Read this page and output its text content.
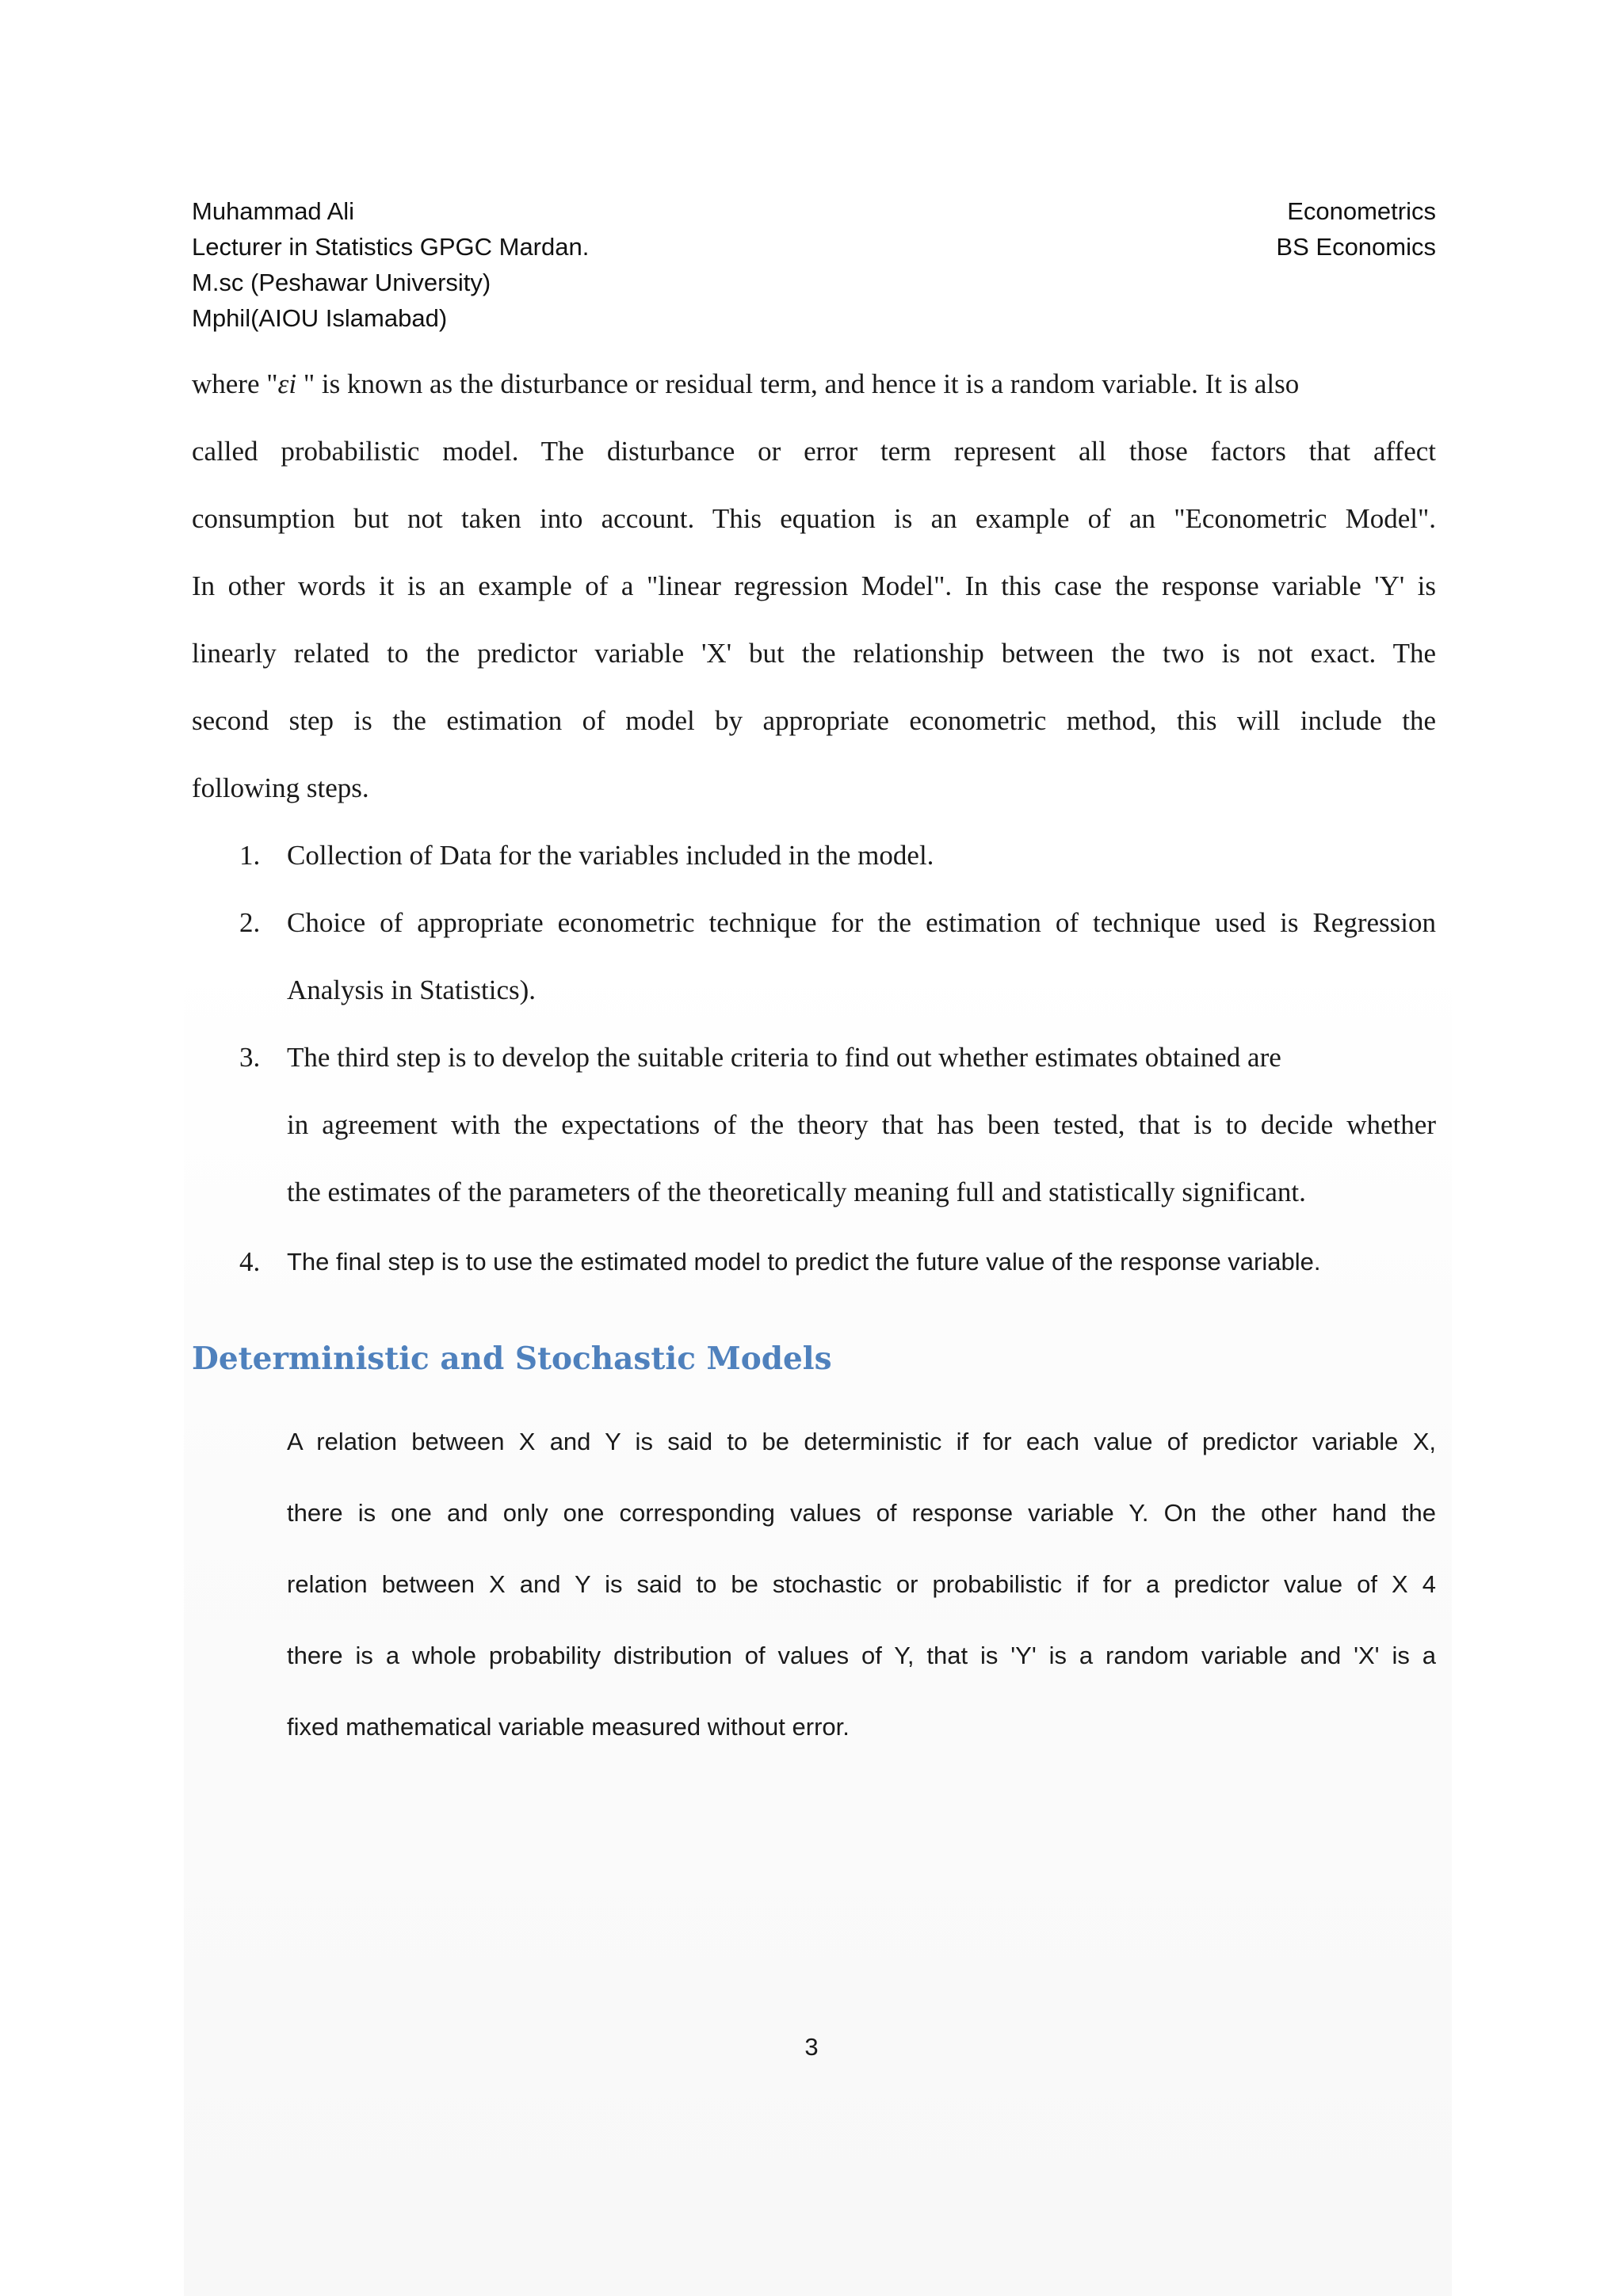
Muhammad Ali
Lecturer in Statistics GPGC Mardan.
M.sc (Peshawar University)
Mphil(AIOU Islamabad)
Econometrics
BS Economics
where "εi " is known as the disturbance or residual term, and hence it is a random variable. It is also
called probabilistic model. The disturbance or error term represent all those factors that affect
consumption but not taken into account. This equation is an example of an "Econometric Model".
In other words it is an example of a "linear regression Model". In this case the response variable 'Y' is
linearly related to the predictor variable 'X' but the relationship between the two is not exact. The
second step is the estimation of model by appropriate econometric method, this will include the
following steps.
1. Collection of Data for the variables included in the model.
2. Choice of appropriate econometric technique for the estimation of technique used is Regression
Analysis in Statistics).
3. The third step is to develop the suitable criteria to find out whether estimates obtained are
in agreement with the expectations of the theory that has been tested, that is to decide whether
the estimates of the parameters of the theoretically meaning full and statistically significant.
4. The final step is to use the estimated model to predict the future value of the response variable.
Deterministic and Stochastic Models
A relation between X and Y is said to be deterministic if for each value of predictor variable X,
there is one and only one corresponding values of response variable Y. On the other hand the
relation between X and Y is said to be stochastic or probabilistic if for a predictor value of X 4
there is a whole probability distribution of values of Y, that is 'Y' is a random variable and 'X' is a
fixed mathematical variable measured without error.
3
